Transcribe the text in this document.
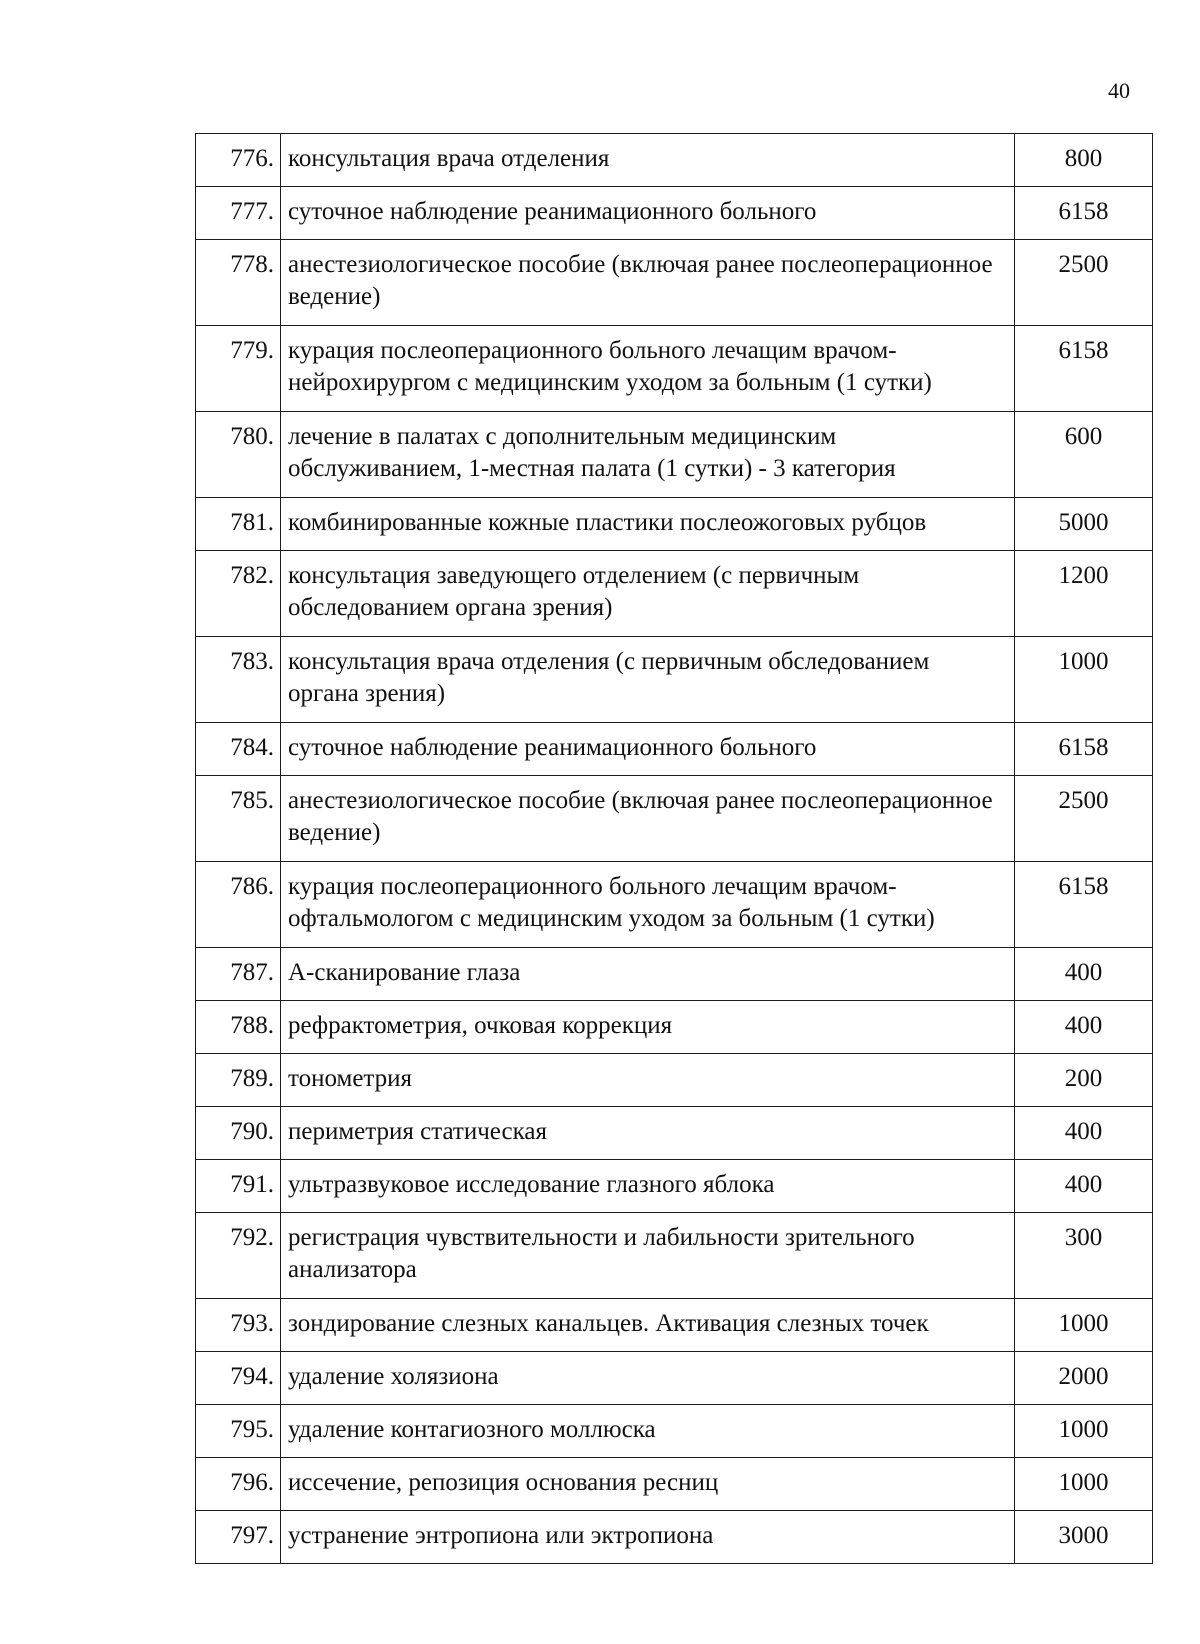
40
776.	консультация врача отделения	800
777.	суточное наблюдение реанимационного больного	6158
778.	анестезиологическое пособие (включая ранее послеоперационное ведение)	2500
779.	курация послеоперационного больного лечащим врачом-нейрохирургом с медицинским уходом за больным (1 сутки)	6158
780.	лечение в палатах с дополнительным медицинским обслуживанием, 1-местная палата (1 сутки) - 3 категория	600
781.	комбинированные кожные пластики послеожоговых рубцов	5000
782.	консультация заведующего отделением (с первичным обследованием органа зрения)	1200
783.	консультация врача отделения (с первичным обследованием органа зрения)	1000
784.	суточное наблюдение реанимационного больного	6158
785.	анестезиологическое пособие (включая ранее послеоперационное ведение)	2500
786.	курация послеоперационного больного лечащим врачом-офтальмологом с медицинским уходом за больным (1 сутки)	6158
787.	А-сканирование глаза	400
788.	рефрактометрия, очковая коррекция	400
789.	тонометрия	200
790.	периметрия статическая	400
791.	ультразвуковое исследование глазного яблока	400
792.	регистрация чувствительности и лабильности зрительного анализатора	300
793.	зондирование слезных канальцев. Активация слезных точек	1000
794.	удаление холязиона	2000
795.	удаление контагиозного моллюска	1000
796.	иссечение, репозиция основания ресниц	1000
797.	устранение энтропиона или эктропиона	3000
